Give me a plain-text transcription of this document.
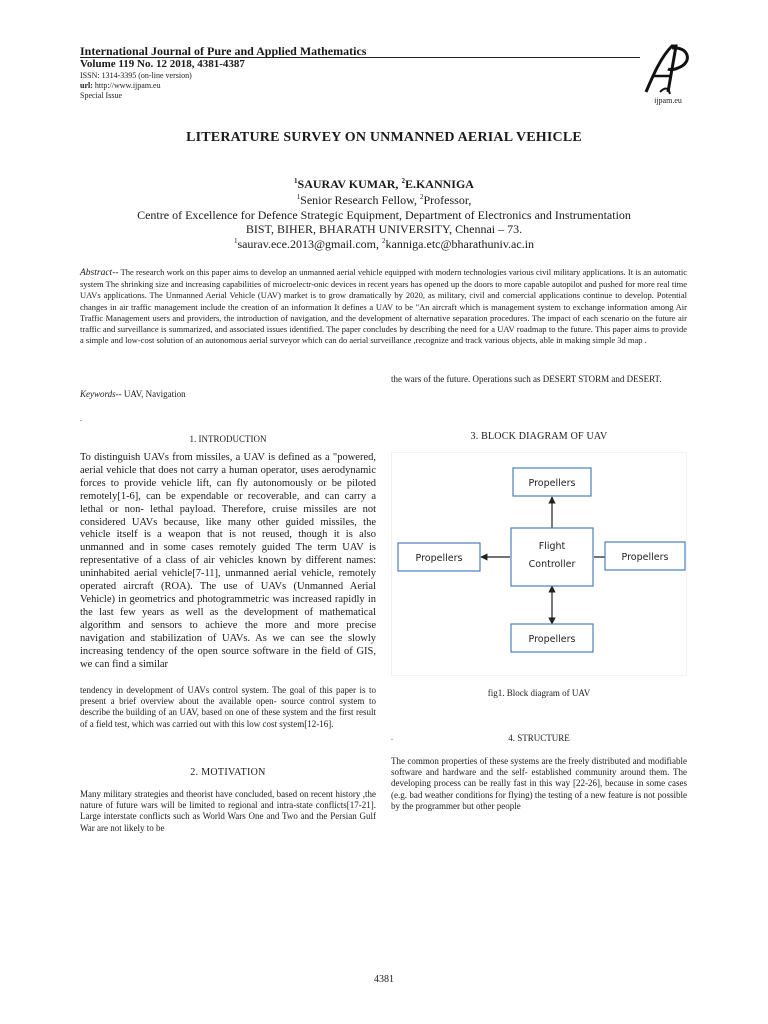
International Journal of Pure and Applied Mathematics
Volume 119 No. 12 2018, 4381-4387
ISSN: 1314-3395 (on-line version)
url: http://www.ijpam.eu
Special Issue
ijpam.eu
LITERATURE SURVEY ON UNMANNED AERIAL VEHICLE
$^1$SAURAV KUMAR, $^2$E.KANNIGA
$^1$Senior Research Fellow, $^2$Professor,
Centre of Excellence for Defence Strategic Equipment, Department of Electronics and Instrumentation
BIST, BIHER, BHARATH UNIVERSITY, Chennai – 73.
$^1$saurav.ece.2013@gmail.com, $^2$kanniga.etc@bharathuniv.ac.in
Abstract-- The research work on this paper aims to develop an unmanned aerial vehicle equipped with modern technologies various civil military applications. It is an automatic system The shrinking size and increasing capabilities of microelectr-onic devices in recent years has opened up the doors to more capable autopilot and pushed for more real time UAVs applications. The Unmanned Aerial Vehicle (UAV) market is to grow dramatically by 2020, as military, civil and comercial applications continue to develop. Potential changes in air traffic management include the creation of an information It defines a UAV to be "An aircraft which is management system to exchange information among Air Traffic Management users and providers, the introduction of navigation, and the development of alternative separation procedures. The impact of each scenario on the future air traffic and surveillance is summarized, and associated issues identified. The paper concludes by describing the need for a UAV roadmap to the future. This paper aims to provide a simple and low-cost solution of an autonomous aerial surveyor which can do aerial surveillance ,recognize and track various objects, able in making simple 3d map .
Keywords-- UAV, Navigation
.
1. INTRODUCTION
To distinguish UAVs from missiles, a UAV is defined as a "powered, aerial vehicle that does not carry a human operator, uses aerodynamic forces to provide vehicle lift, can fly autonomously or be piloted remotely[1-6], can be expendable or recoverable, and can carry a lethal or non- lethal payload. Therefore, cruise missiles are not considered UAVs because, like many other guided missiles, the vehicle itself is a weapon that is not reused, though it is also unmanned and in some cases remotely guided The term UAV is representative of a class of air vehicles known by different names: uninhabited aerial vehicle[7-11], unmanned aerial vehicle, remotely operated aircraft (ROA). The use of UAVs (Unmanned Aerial Vehicle) in geometrics and photogrammetric was increased rapidly in the last few years as well as the development of mathematical algorithm and sensors to achieve the more and more precise navigation and stabilization of UAVs. As we can see the slowly increasing tendency of the open source software in the field of GIS, we can find a similar
tendency in development of UAVs control system. The goal of this paper is to present a brief overview about the available open- source control system to describe the building of an UAV, based on one of these system and the first result of a field test, which was carried out with this low cost system[12-16].
2. MOTIVATION
Many military strategies and theorist have concluded, based on recent history ,the nature of future wars will be limited to regional and intra-state conflicts[17-21]. Large interstate conflicts such as World Wars One and Two and the Persian Gulf War are not likely to be
the wars of the future. Operations such as DESERT STORM and DESERT.
3. BLOCK DIAGRAM OF UAV
Propellers
Propellers
Flight
Controller
Propellers
Propellers
fig1. Block diagram of UAV
.	4. STRUCTURE
The common properties of these systems are the freely distributed and modifiable software and hardware and the self- established community around them. The developing process can be really fast in this way [22-26], because in some cases (e.g. bad weather conditions for flying) the testing of a new feature is not possible by the programmer but other people
4381
